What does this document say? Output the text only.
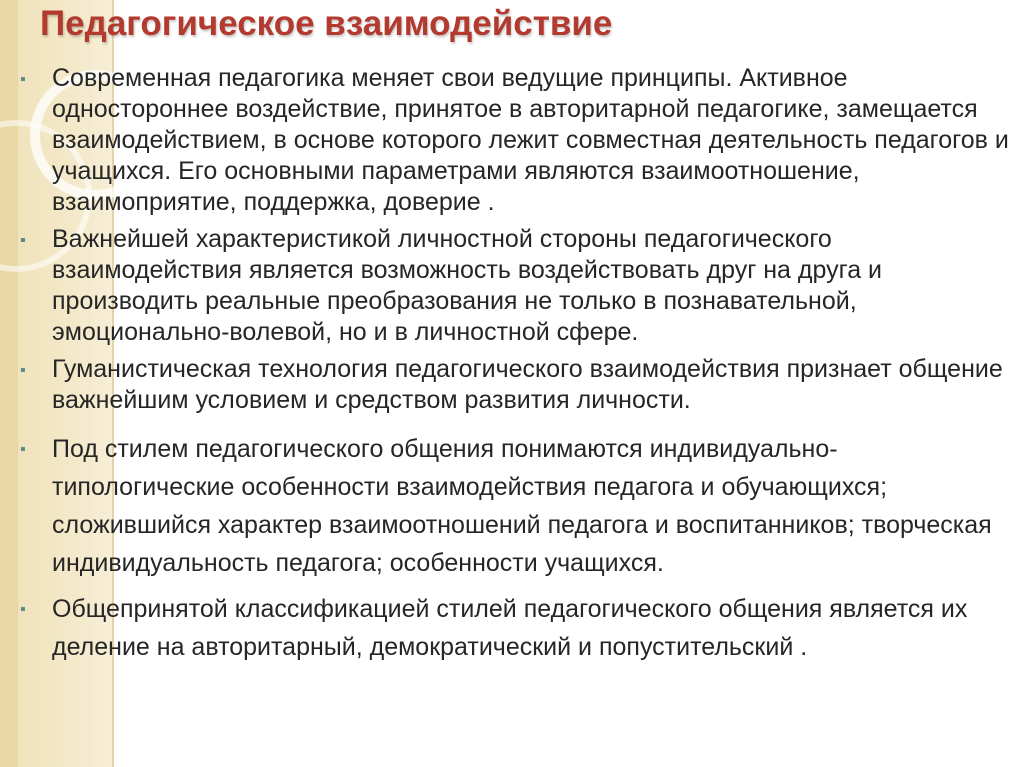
Педагогическое взаимодействие
▪ Современная педагогика меняет свои ведущие принципы. Активное одностороннее воздействие, принятое в авторитарной педагогике, замещается взаимодействием, в основе которого лежит совместная деятельность педагогов и учащихся. Его основными параметрами являются взаимоотношение, взаимоприятие, поддержка, доверие .
▪ Важнейшей характеристикой личностной стороны педагогического взаимодействия является возможность воздействовать друг на друга и производить реальные преобразования не только в познавательной, эмоционально-волевой, но и в личностной сфере.
▪ Гуманистическая технология педагогического взаимодействия признает общение важнейшим условием и средством развития личности.
▪ Под стилем педагогического общения понимаются индивидуально-типологические особенности взаимодействия педагога и обучающихся; сложившийся характер взаимоотношений педагога и воспитанников; творческая индивидуальность педагога; особенности учащихся.
▪ Общепринятой классификацией стилей педагогического общения является их деление на авторитарный, демократический и попустительский .
